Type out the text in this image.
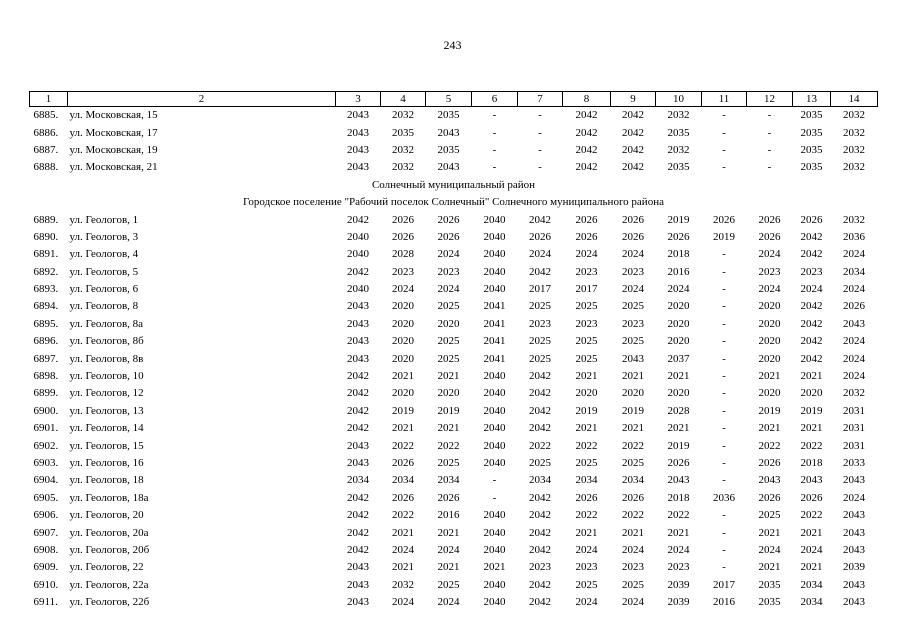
243
1	2	3	4	5	6	7	8	9	10	11	12	13	14
6885.	ул. Московская, 15	2043	2032	2035	-	-	2042	2042	2032	-	-	2035	2032
6886.	ул. Московская, 17	2043	2035	2043	-	-	2042	2042	2035	-	-	2035	2032
6887.	ул. Московская, 19	2043	2032	2035	-	-	2042	2042	2032	-	-	2035	2032
6888.	ул. Московская, 21	2043	2032	2043	-	-	2042	2042	2035	-	-	2035	2032
Солнечный муниципальный район													
Городское поселение "Рабочий поселок Солнечный" Солнечного муниципального района													
6889.	ул. Геологов, 1	2042	2026	2026	2040	2042	2026	2026	2019	2026	2026	2026	2032
6890.	ул. Геологов, 3	2040	2026	2026	2040	2026	2026	2026	2026	2019	2026	2042	2036
6891.	ул. Геологов, 4	2040	2028	2024	2040	2024	2024	2024	2018	-	2024	2042	2024
6892.	ул. Геологов, 5	2042	2023	2023	2040	2042	2023	2023	2016	-	2023	2023	2034
6893.	ул. Геологов, 6	2040	2024	2024	2040	2017	2017	2024	2024	-	2024	2024	2024
6894.	ул. Геологов, 8	2043	2020	2025	2041	2025	2025	2025	2020	-	2020	2042	2026
6895.	ул. Геологов, 8а	2043	2020	2020	2041	2023	2023	2023	2020	-	2020	2042	2043
6896.	ул. Геологов, 8б	2043	2020	2025	2041	2025	2025	2025	2020	-	2020	2042	2024
6897.	ул. Геологов, 8в	2043	2020	2025	2041	2025	2025	2043	2037	-	2020	2042	2024
6898.	ул. Геологов, 10	2042	2021	2021	2040	2042	2021	2021	2021	-	2021	2021	2024
6899.	ул. Геологов, 12	2042	2020	2020	2040	2042	2020	2020	2020	-	2020	2020	2032
6900.	ул. Геологов, 13	2042	2019	2019	2040	2042	2019	2019	2028	-	2019	2019	2031
6901.	ул. Геологов, 14	2042	2021	2021	2040	2042	2021	2021	2021	-	2021	2021	2031
6902.	ул. Геологов, 15	2043	2022	2022	2040	2022	2022	2022	2019	-	2022	2022	2031
6903.	ул. Геологов, 16	2043	2026	2025	2040	2025	2025	2025	2026	-	2026	2018	2033
6904.	ул. Геологов, 18	2034	2034	2034	-	2034	2034	2034	2043	-	2043	2043	2043
6905.	ул. Геологов, 18а	2042	2026	2026	-	2042	2026	2026	2018	2036	2026	2026	2024
6906.	ул. Геологов, 20	2042	2022	2016	2040	2042	2022	2022	2022	-	2025	2022	2043
6907.	ул. Геологов, 20а	2042	2021	2021	2040	2042	2021	2021	2021	-	2021	2021	2043
6908.	ул. Геологов, 20б	2042	2024	2024	2040	2042	2024	2024	2024	-	2024	2024	2043
6909.	ул. Геологов, 22	2043	2021	2021	2021	2023	2023	2023	2023	-	2021	2021	2039
6910.	ул. Геологов, 22а	2043	2032	2025	2040	2042	2025	2025	2039	2017	2035	2034	2043
6911.	ул. Геологов, 22б	2043	2024	2024	2040	2042	2024	2024	2039	2016	2035	2034	2043
